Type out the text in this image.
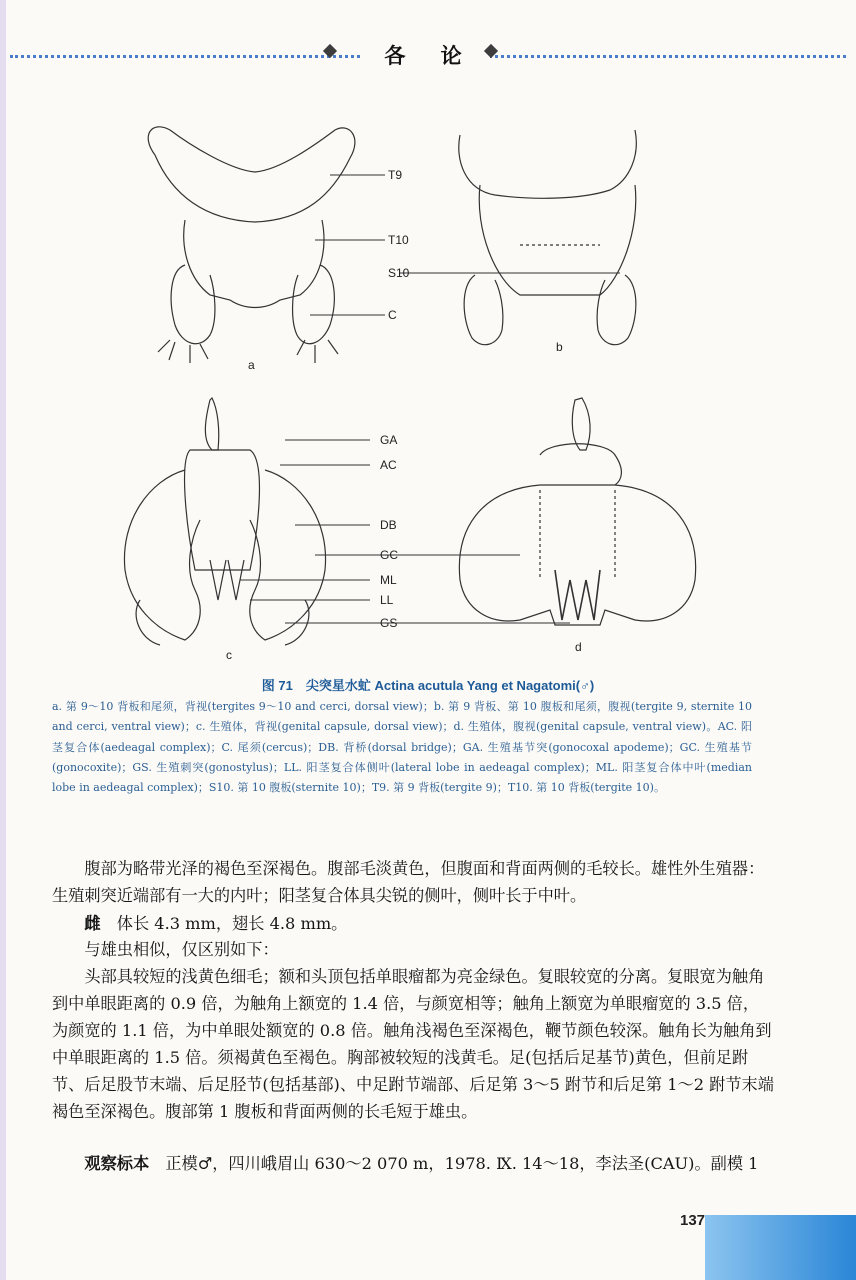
各 论
T9
T10
S10
C
a
b
GA
AC
DB
GC
ML
LL
GS
c
d
图 71　尖突星水虻 Actina acutula Yang et Nagatomi(♂)
a. 第 9～10 背板和尾须，背视(tergites 9～10 and cerci, dorsal view)；b. 第 9 背板、第 10 腹板和尾须，腹视(tergite 9, sternite 10 and cerci, ventral view)；c. 生殖体，背视(genital capsule, dorsal view)；d. 生殖体，腹视(genital capsule, ventral view)。AC. 阳茎复合体(aedeagal complex)；C. 尾须(cercus)；DB. 背桥(dorsal bridge)；GA. 生殖基节突(gonocoxal apodeme)；GC. 生殖基节(gonocoxite)；GS. 生殖刺突(gonostylus)；LL. 阳茎复合体侧叶(lateral lobe in aedeagal complex)；ML. 阳茎复合体中叶(median lobe in aedeagal complex)；S10. 第 10 腹板(sternite 10)；T9. 第 9 背板(tergite 9)；T10. 第 10 背板(tergite 10)。
腹部为略带光泽的褐色至深褐色。腹部毛淡黄色，但腹面和背面两侧的毛较长。雄性外生殖器：生殖刺突近端部有一大的内叶；阳茎复合体具尖锐的侧叶，侧叶长于中叶。
雌　体长 4.3 mm，翅长 4.8 mm。
与雄虫相似，仅区别如下：
头部具较短的浅黄色细毛；额和头顶包括单眼瘤都为亮金绿色。复眼较宽的分离。复眼宽为触角到中单眼距离的 0.9 倍，为触角上额宽的 1.4 倍，与颜宽相等；触角上额宽为单眼瘤宽的 3.5 倍，为颜宽的 1.1 倍，为中单眼处额宽的 0.8 倍。触角浅褐色至深褐色，鞭节颜色较深。触角长为触角到中单眼距离的 1.5 倍。须褐黄色至褐色。胸部被较短的浅黄毛。足(包括后足基节)黄色，但前足跗节、后足股节末端、后足胫节(包括基部)、中足跗节端部、后足第 3～5 跗节和后足第 1～2 跗节末端褐色至深褐色。腹部第 1 腹板和背面两侧的长毛短于雄虫。
观察标本　正模♂，四川峨眉山 630～2 070 m，1978. Ⅸ. 14～18，李法圣(CAU)。副模 1
137
